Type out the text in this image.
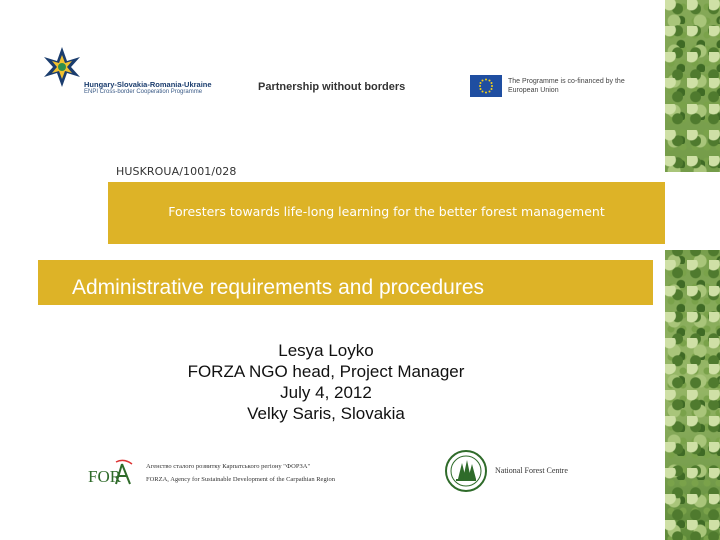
Hungary-Slovakia-Romania-Ukraine
ENPI Cross-border Cooperation Programme	Partnership without borders	The Programme is co-financed by the European Union
HUSKROUA/1001/028
Foresters towards life-long learning for the better forest management
Administrative requirements and procedures
Lesya Loyko
FORZA NGO head, Project Manager
July 4, 2012
Velky Saris, Slovakia
FOR
Агенство сталого розвитку Карпатського регіону "ФОРЗА"
FORZA, Agency for Sustainable Development of the Carpathian Region
National Forest Centre
